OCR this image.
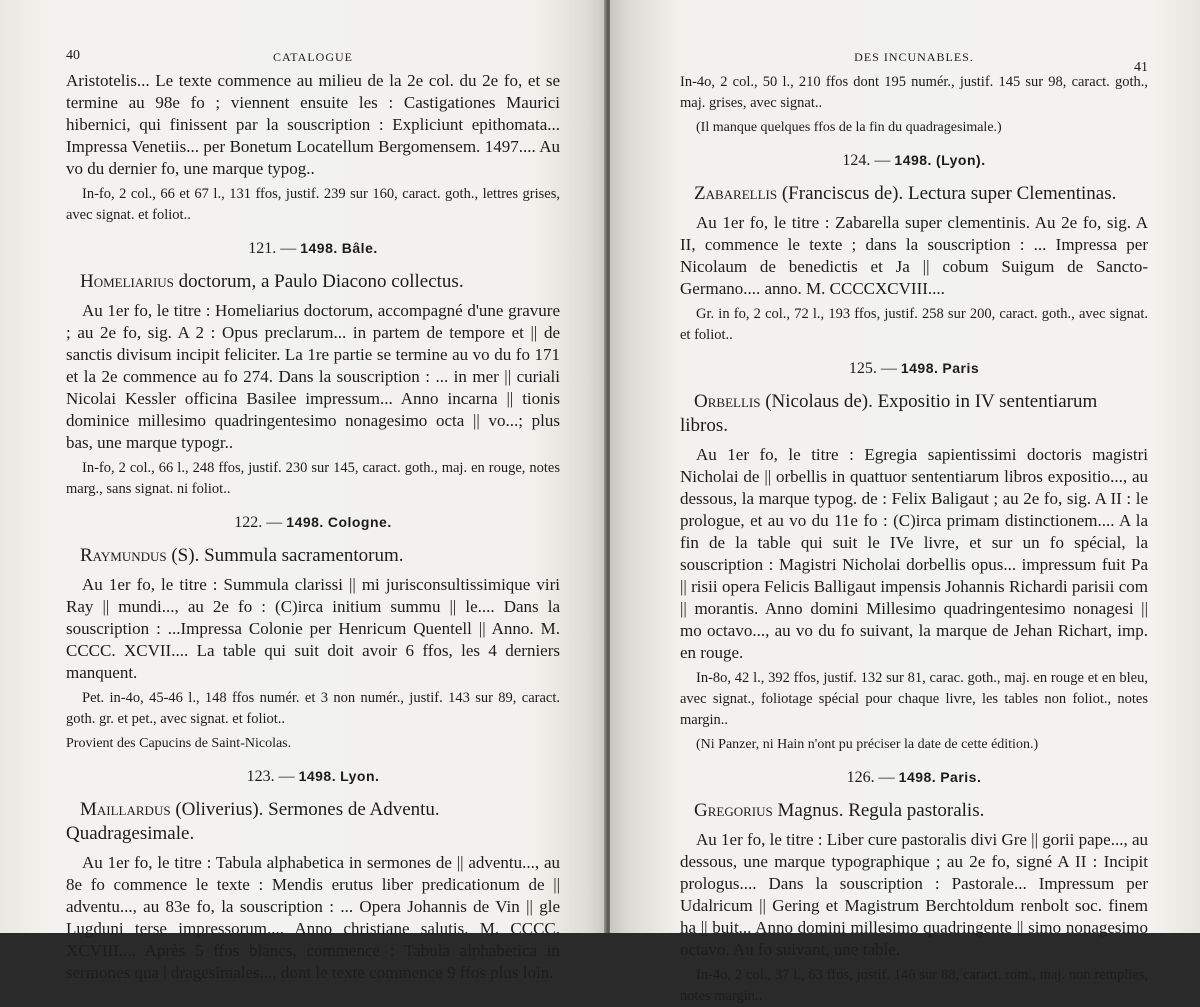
40	CATALOGUE

Aristotelis... Le texte commence au milieu de la 2e col. du 2e fo, et se termine au 98e fo ; viennent ensuite les : Castigationes Maurici hibernici, qui finissent par la souscription : Expliciunt epithomata... Impressa Venetiis... per Bonetum Locatellum Bergomensem. 1497.... Au vo du dernier fo, une marque typog..

In-fo, 2 col., 66 et 67 l., 131 ffos, justif. 239 sur 160, caract. goth., lettres grises, avec signat. et foliot..

121. — 1498. Bâle.

Homeliarius doctorum, a Paulo Diacono collectus.

Au 1er fo, le titre : Homeliarius doctorum, accompagné d'une gravure ; au 2e fo, sig. A 2 : Opus preclarum... in partem de tempore et || de sanctis divisum incipit feliciter. La 1re partie se termine au vo du fo 171 et la 2e commence au fo 274. Dans la souscription : ... in mer || curiali Nicolai Kessler officina Basilee impressum... Anno incarna || tionis dominice millesimo quadringentesimo nonagesimo octa || vo...; plus bas, une marque typogr..

In-fo, 2 col., 66 l., 248 ffos, justif. 230 sur 145, caract. goth., maj. en rouge, notes marg., sans signat. ni foliot..

122. — 1498. Cologne.

Raymundus (S). Summula sacramentorum.

Au 1er fo, le titre : Summula clarissi || mi jurisconsultissimique viri Ray || mundi..., au 2e fo : (C)irca initium summu || le.... Dans la souscription : ...Impressa Colonie per Henricum Quentell || Anno. M. CCCC. XCVII.... La table qui suit doit avoir 6 ffos, les 4 derniers manquent.

Pet. in-4o, 45-46 l., 148 ffos numér. et 3 non numér., justif. 143 sur 89, caract. goth. gr. et pet., avec signat. et foliot..

Provient des Capucins de Saint-Nicolas.

123. — 1498. Lyon.

Maillardus (Oliverius). Sermones de Adventu. Quadragesimale.

Au 1er fo, le titre : Tabula alphabetica in sermones de || adventu..., au 8e fo commence le texte : Mendis erutus liber predicationum de || adventu..., au 83e fo, la souscription : ... Opera Johannis de Vin || gle Lugduni terse impressorum.... Anno christiane salutis. M. CCCC. XCVIII.... Après 5 ffos blancs, commence : Tabula alphabetica in sermones qua | dragesimales..., dont le texte commence 9 ffos plus loin.

DES INCUNABLES.
41

In-4o, 2 col., 50 l., 210 ffos dont 195 numér., justif. 145 sur 98, caract. goth., maj. grises, avec signat..

(Il manque quelques ffos de la fin du quadragesimale.)

124. — 1498. (Lyon).

Zabarellis (Franciscus de). Lectura super Clementinas.

Au 1er fo, le titre : Zabarella super clementinis. Au 2e fo, sig. A II, commence le texte ; dans la souscription : ... Impressa per Nicolaum de benedictis et Ja || cobum Suigum de Sancto-Germano.... anno. M. CCCCXCVIII....

Gr. in fo, 2 col., 72 l., 193 ffos, justif. 258 sur 200, caract. goth., avec signat. et foliot..

125. — 1498. Paris

Orbellis (Nicolaus de). Expositio in IV sententiarum libros.

Au 1er fo, le titre : Egregia sapientissimi doctoris magistri Nicholai de || orbellis in quattuor sententiarum libros expositio..., au dessous, la marque typog. de : Felix Baligaut ; au 2e fo, sig. A II : le prologue, et au vo du 11e fo : (C)irca primam distinctionem.... A la fin de la table qui suit le IVe livre, et sur un fo spécial, la souscription : Magistri Nicholai dorbellis opus... impressum fuit Pa || risii opera Felicis Balligaut impensis Johannis Richardi parisii com || morantis. Anno domini Millesimo quadringentesimo nonagesi || mo octavo..., au vo du fo suivant, la marque de Jehan Richart, imp. en rouge.

In-8o, 42 l., 392 ffos, justif. 132 sur 81, carac. goth., maj. en rouge et en bleu, avec signat., foliotage spécial pour chaque livre, les tables non foliot., notes margin..

(Ni Panzer, ni Hain n'ont pu préciser la date de cette édition.)

126. — 1498. Paris.

Gregorius Magnus. Regula pastoralis.

Au 1er fo, le titre : Liber cure pastoralis divi Gre || gorii pape..., au dessous, une marque typographique ; au 2e fo, signé A II : Incipit prologus.... Dans la souscription : Pastorale... Impressum per Udalricum || Gering et Magistrum Berchtoldum renbolt soc. finem ha || buit... Anno domini millesimo quadringente || simo nonagesimo octavo. Au fo suivant, une table.

In-4o, 2 col., 37 l., 63 ffos, justif. 146 sur 88, caract. rom., maj. non remplies, notes margin..
